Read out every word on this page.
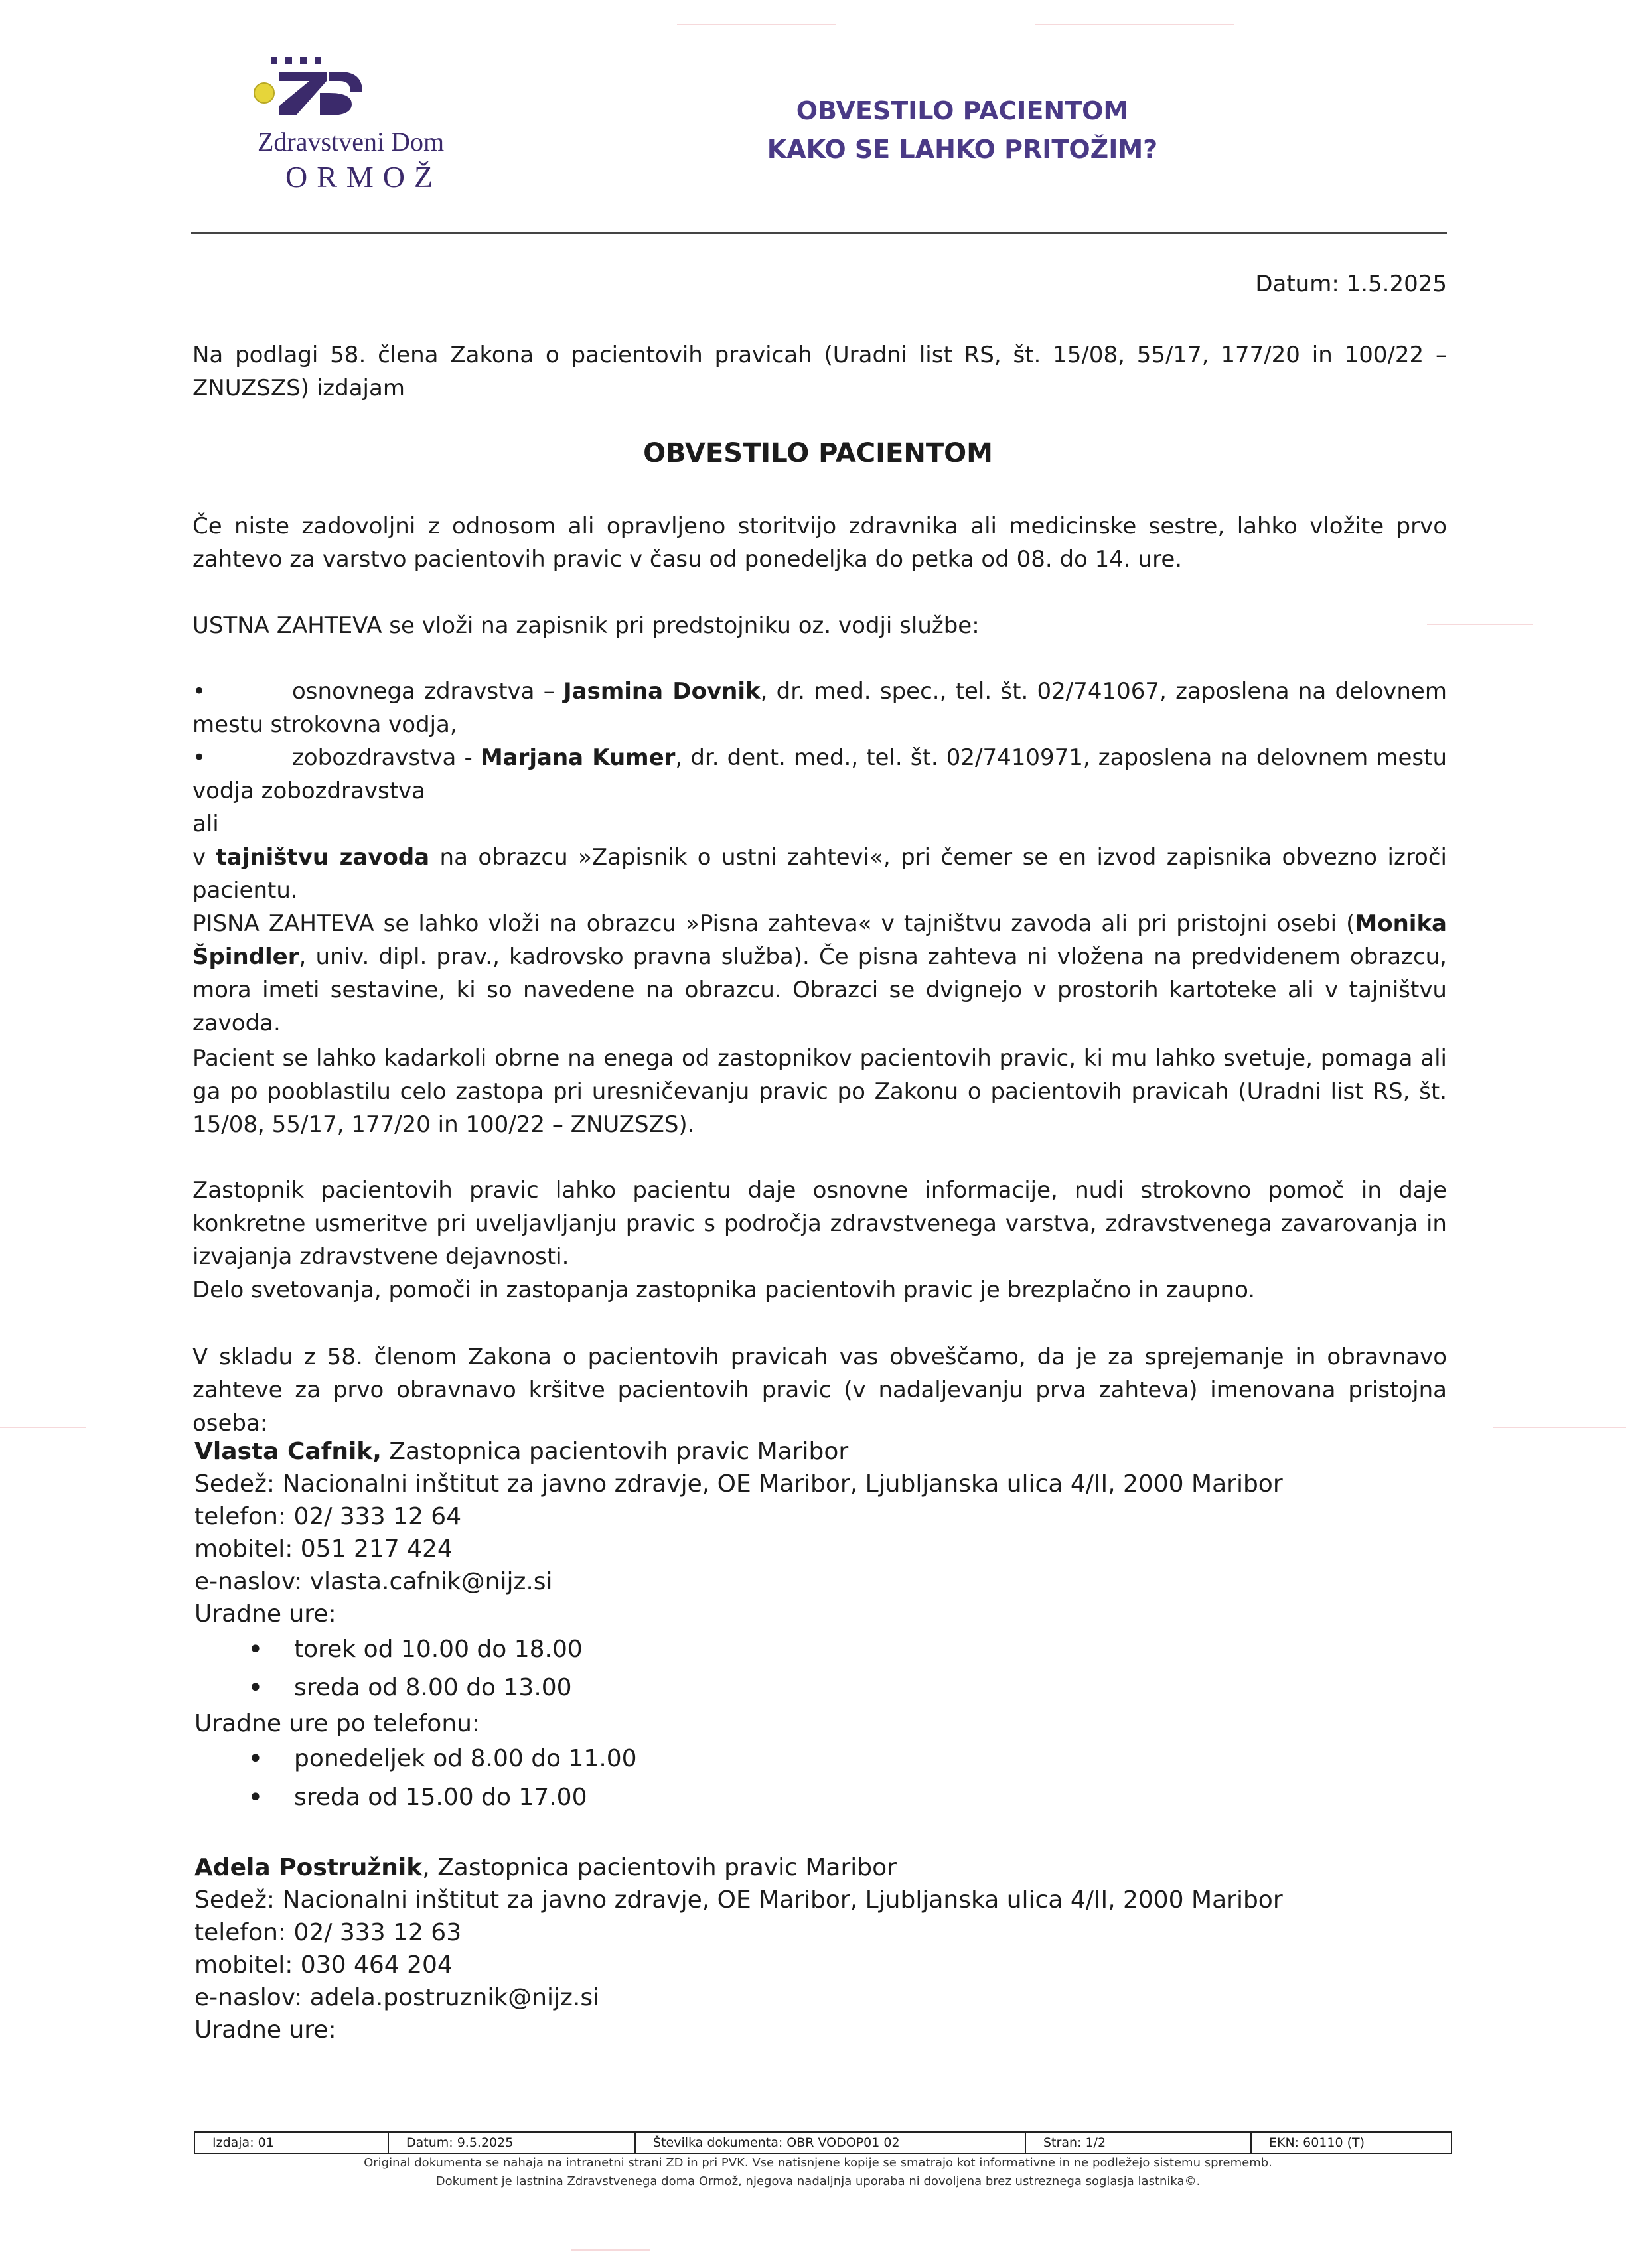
Zdravstveni Dom
ORMOŽ
OBVESTILO PACIENTOM
KAKO SE LAHKO PRITOŽIM?
Datum: 1.5.2025
Na podlagi 58. člena Zakona o pacientovih pravicah (Uradni list RS, št. 15/08, 55/17, 177/20 in 100/22 – ZNUZSZS) izdajam
OBVESTILO PACIENTOM
Če niste zadovoljni z odnosom ali opravljeno storitvijo zdravnika ali medicinske sestre, lahko vložite prvo zahtevo za varstvo pacientovih pravic v času od ponedeljka do petka od 08. do 14. ure.
USTNA ZAHTEVA se vloži na zapisnik pri predstojniku oz. vodji službe:
•	osnovnega zdravstva – Jasmina Dovnik, dr. med. spec., tel. št. 02/741067, zaposlena na delovnem mestu strokovna vodja,
•	zobozdravstva - Marjana Kumer, dr. dent. med., tel. št. 02/7410971, zaposlena na delovnem mestu vodja zobozdravstva
ali
v tajništvu zavoda na obrazcu »Zapisnik o ustni zahtevi«, pri čemer se en izvod zapisnika obvezno izroči pacientu.
PISNA ZAHTEVA se lahko vloži na obrazcu »Pisna zahteva« v tajništvu zavoda ali pri pristojni osebi (Monika Špindler, univ. dipl. prav., kadrovsko pravna služba). Če pisna zahteva ni vložena na predvidenem obrazcu, mora imeti sestavine, ki so navedene na obrazcu. Obrazci se dvignejo v prostorih kartoteke ali v tajništvu zavoda.
Pacient se lahko kadarkoli obrne na enega od zastopnikov pacientovih pravic, ki mu lahko svetuje, pomaga ali ga po pooblastilu celo zastopa pri uresničevanju pravic po Zakonu o pacientovih pravicah (Uradni list RS, št. 15/08, 55/17, 177/20 in 100/22 – ZNUZSZS).
Zastopnik pacientovih pravic lahko pacientu daje osnovne informacije, nudi strokovno pomoč in daje konkretne usmeritve pri uveljavljanju pravic s področja zdravstvenega varstva, zdravstvenega zavarovanja in izvajanja zdravstvene dejavnosti.
Delo svetovanja, pomoči in zastopanja zastopnika pacientovih pravic je brezplačno in zaupno.
V skladu z 58. členom Zakona o pacientovih pravicah vas obveščamo, da je za sprejemanje in obravnavo zahteve za prvo obravnavo kršitve pacientovih pravic (v nadaljevanju prva zahteva) imenovana pristojna oseba:
Vlasta Cafnik, Zastopnica pacientovih pravic Maribor
Sedež: Nacionalni inštitut za javno zdravje, OE Maribor, Ljubljanska ulica 4/II, 2000 Maribor
telefon: 02/ 333 12 64
mobitel: 051 217 424
e-naslov: vlasta.cafnik@nijz.si
Uradne ure:
• torek od 10.00 do 18.00
• sreda od 8.00 do 13.00
Uradne ure po telefonu:
• ponedeljek od 8.00 do 11.00
• sreda od 15.00 do 17.00
Adela Postružnik, Zastopnica pacientovih pravic Maribor
Sedež: Nacionalni inštitut za javno zdravje, OE Maribor, Ljubljanska ulica 4/II, 2000 Maribor
telefon: 02/ 333 12 63
mobitel: 030 464 204
e-naslov: adela.postruznik@nijz.si
Uradne ure:
Izdaja: 01	Datum: 9.5.2025	Številka dokumenta: OBR VODOP01 02	Stran: 1/2	EKN: 60110 (T)
Original dokumenta se nahaja na intranetni strani ZD in pri PVK. Vse natisnjene kopije se smatrajo kot informativne in ne podležejo sistemu sprememb.
Dokument je lastnina Zdravstvenega doma Ormož, njegova nadaljnja uporaba ni dovoljena brez ustreznega soglasja lastnika©.
